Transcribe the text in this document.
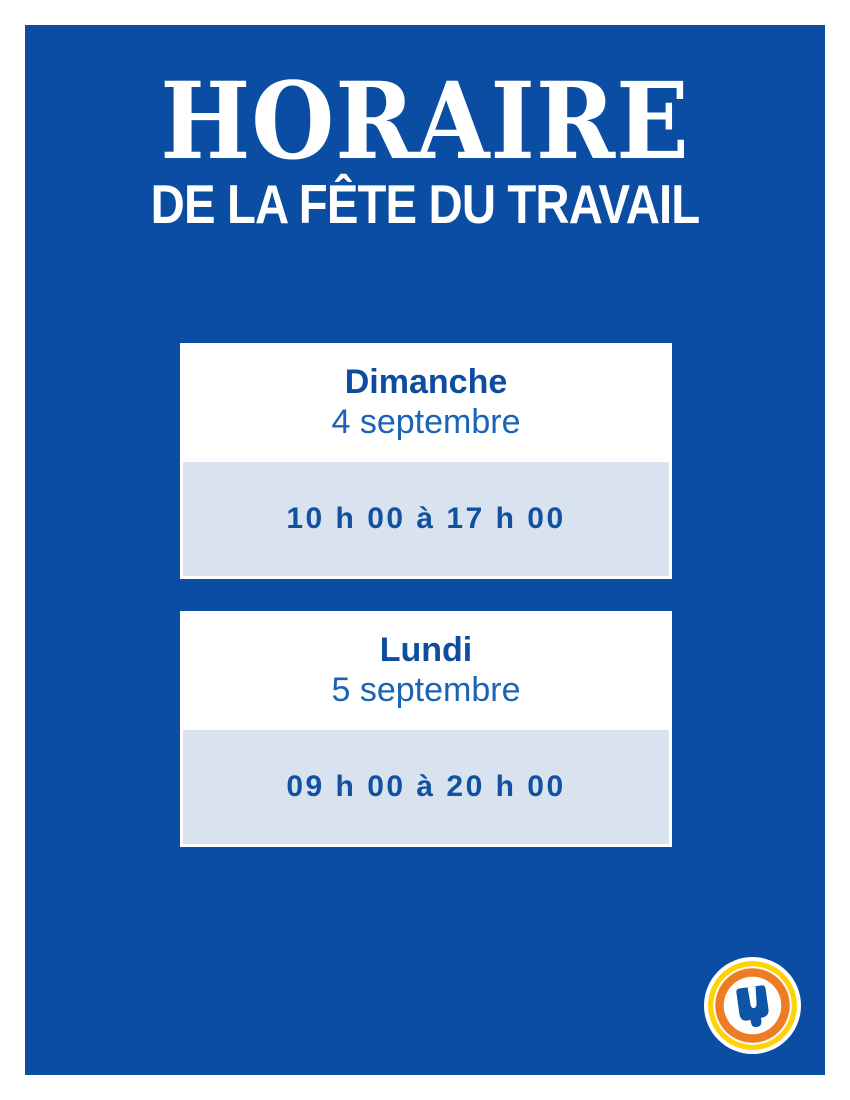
HORAIRE
DE LA FÊTE DU TRAVAIL
Dimanche
4 septembre
10 h 00 à 17 h 00
Lundi
5 septembre
09 h 00 à 20 h 00
